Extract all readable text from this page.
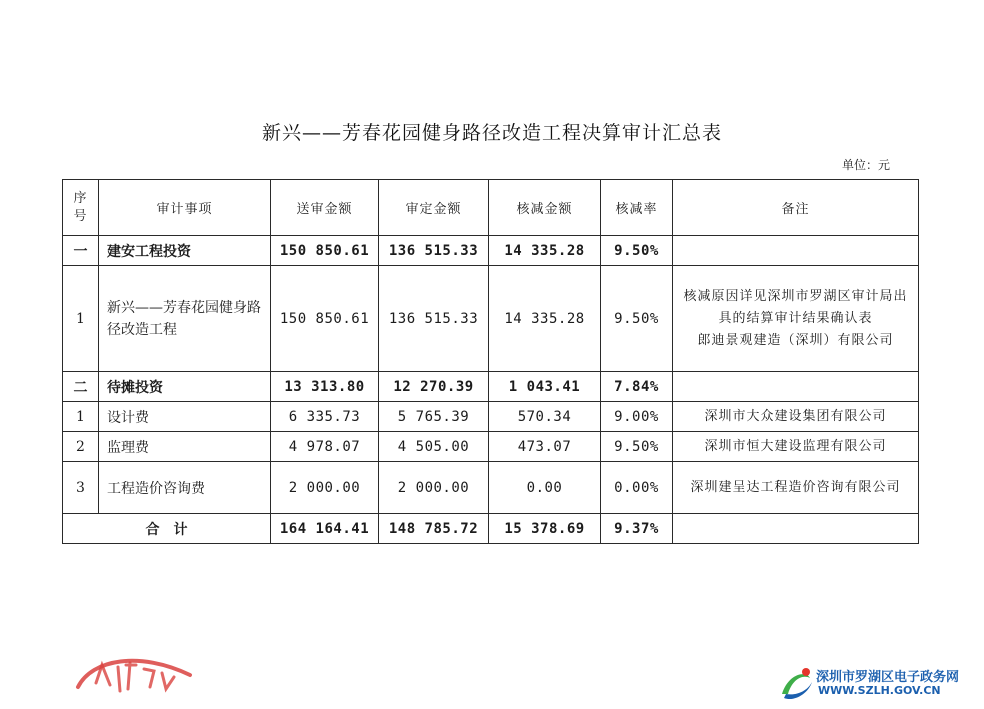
新兴——芳春花园健身路径改造工程决算审计汇总表
单位：元
序
号	审计事项	送审金额	审定金额	核减金额	核减率	备注
一	建安工程投资	150 850.61	136 515.33	14 335.28	9.50%	
1	新兴——芳春花园健身路径改造工程	150 850.61	136 515.33	14 335.28	9.50%	核减原因详见深圳市罗湖区审计局出具的结算审计结果确认表
郎迪景观建造（深圳）有限公司

二	待摊投资	13 313.80	12 270.39	1 043.41	7.84%	
1	设计费	6 335.73	5 765.39	570.34	9.00%	深圳市大众建设集团有限公司
2	监理费	4 978.07	4 505.00	473.07	9.50%	深圳市恒大建设监理有限公司
3	工程造价咨询费	2 000.00	2 000.00	0.00	0.00%	深圳建呈达工程造价咨询有限公司
合　计		164 164.41	148 785.72	15 378.69	9.37%	
深圳市罗湖区电子政务网
WWW.SZLH.GOV.CN
